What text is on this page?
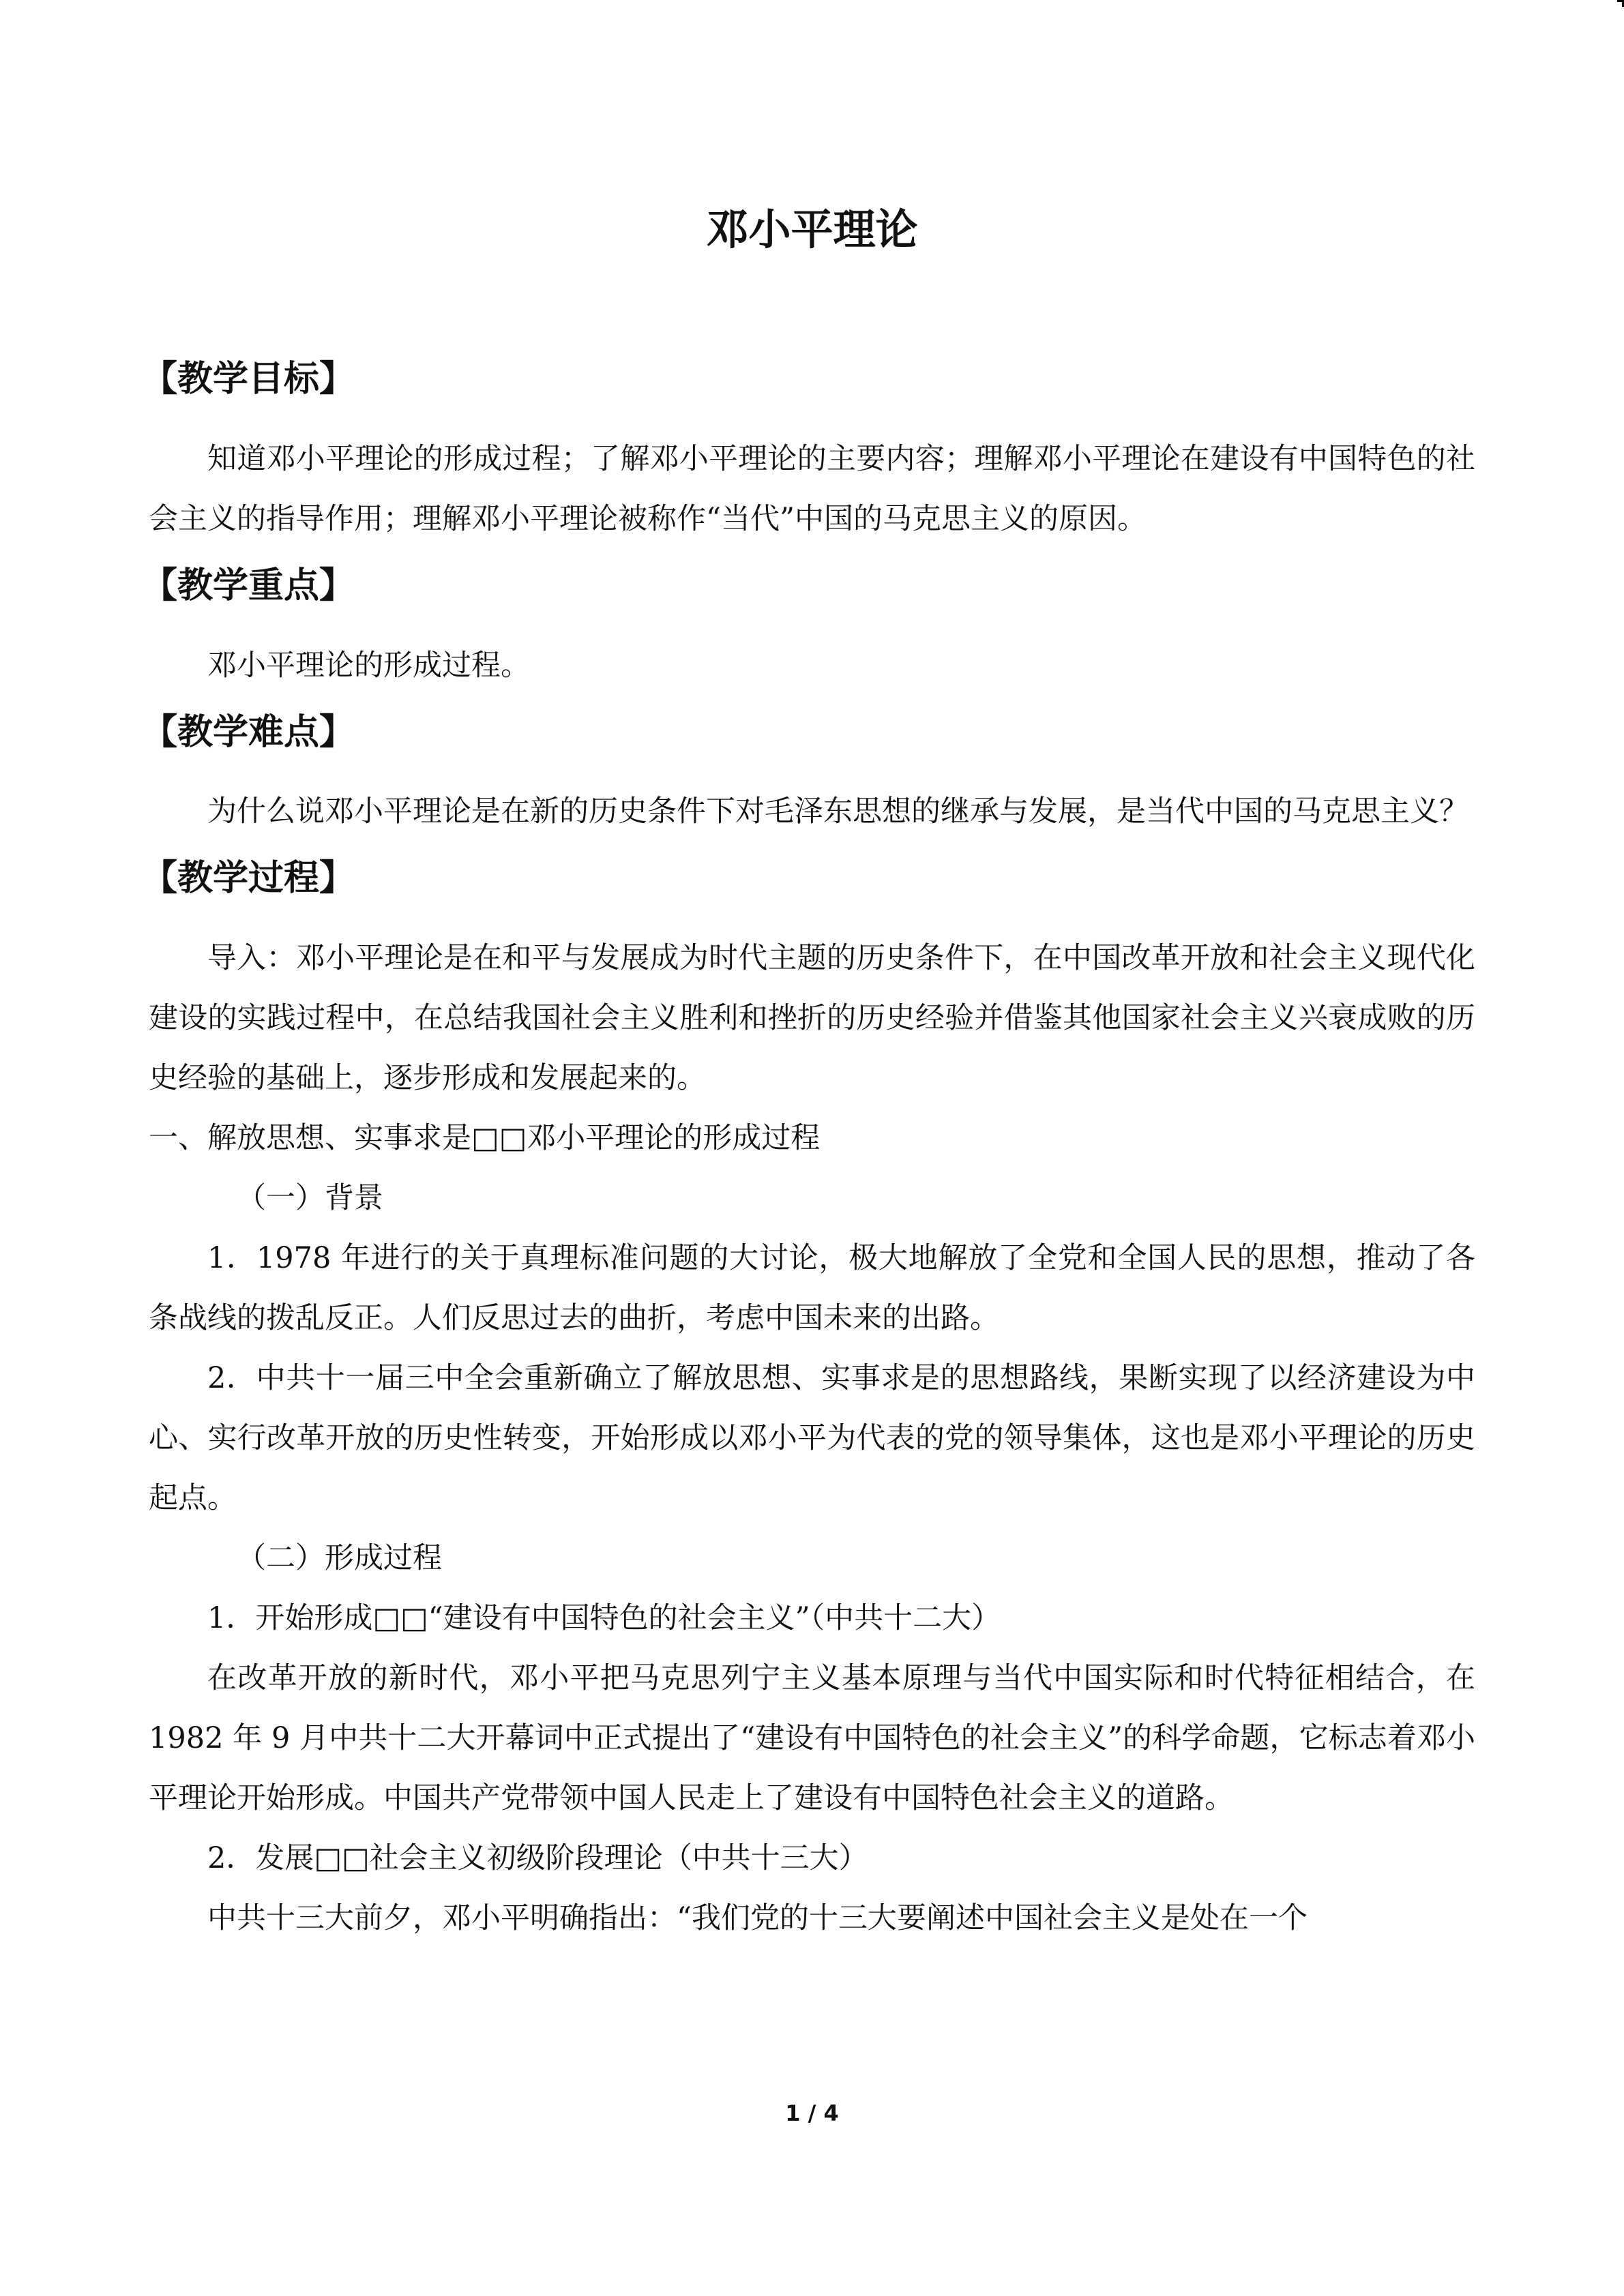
邓小平理论
【教学目标】

知道邓小平理论的形成过程；了解邓小平理论的主要内容；理解邓小平理论在建设有中国特色的社会主义的指导作用；理解邓小平理论被称作“当代”中国的马克思主义的原因。

【教学重点】

邓小平理论的形成过程。

【教学难点】

为什么说邓小平理论是在新的历史条件下对毛泽东思想的继承与发展，是当代中国的马克思主义？

【教学过程】

导入：邓小平理论是在和平与发展成为时代主题的历史条件下，在中国改革开放和社会主义现代化建设的实践过程中，在总结我国社会主义胜利和挫折的历史经验并借鉴其他国家社会主义兴衰成败的历史经验的基础上，逐步形成和发展起来的。

一、解放思想、实事求是□□邓小平理论的形成过程

（一）背景

1．1978 年进行的关于真理标准问题的大讨论，极大地解放了全党和全国人民的思想，推动了各条战线的拨乱反正。人们反思过去的曲折，考虑中国未来的出路。

2．中共十一届三中全会重新确立了解放思想、实事求是的思想路线，果断实现了以经济建设为中心、实行改革开放的历史性转变，开始形成以邓小平为代表的党的领导集体，这也是邓小平理论的历史起点。

（二）形成过程

1．开始形成□□“建设有中国特色的社会主义”（中共十二大）

在改革开放的新时代，邓小平把马克思列宁主义基本原理与当代中国实际和时代特征相结合，在 1982 年 9 月中共十二大开幕词中正式提出了“建设有中国特色的社会主义”的科学命题，它标志着邓小平理论开始形成。中国共产党带领中国人民走上了建设有中国特色社会主义的道路。

2．发展□□社会主义初级阶段理论（中共十三大）

中共十三大前夕，邓小平明确指出：“我们党的十三大要阐述中国社会主义是处在一个

1 / 4
